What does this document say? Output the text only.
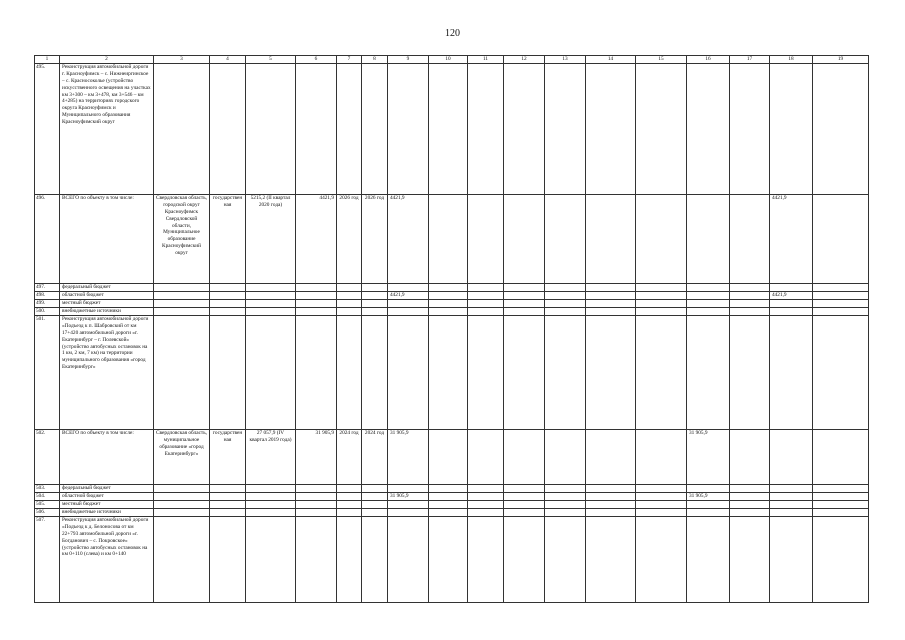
120
1	2	3	4	5	6	7	8	9	10	11	12	13	14	15	16	17	18	19
495.	Реконструкция автомобильной дороги г. Красноуфимск – с. Нижнеиргинское – с. Красносоколье (устройство искусственного освещения на участках км 3+300 – км 3+478, км 3+546 – км 4+285) на территориях городского округа Красноуфимск и Муниципального образования Красноуфимский округ																	
496.	ВСЕГО по объекту в том числе:	Свердловская область, городской округ Красноуфимск Свердловской области, Муниципальное образование Красноуфимский округ	государственная	5215,2 (II квартал 2020 года)	4421,9	2026 год	2026 год	4421,9									4421,9	
497.	федеральный бюджет																	
498.	областной бюджет							4421,9									4421,9	
499.	местный бюджет																	
500.	внебюджетные источники																	
501.	Реконструкция автомобильной дороги «Подъезд к п. Шабровский от км 17+420 автомобильной дороги «г. Екатеринбург – г. Полевской» (устройство автобусных остановок на 1 км, 2 км, 7 км) на территории муниципального образования «город Екатеринбург»																	
502.	ВСЕГО по объекту в том числе:	Свердловская область, муниципальное образование «город Екатеринбург»	государственная	27 057,9 (IV квартал 2019 года)	31 905,9	2024 год	2024 год	31 905,9							31 905,9			
503.	федеральный бюджет																	
504.	областной бюджет							31 905,9							31 905,9			
505.	местный бюджет																	
506.	внебюджетные источники																	
507.	Реконструкция автомобильной дороги «Подъезд к д. Белоносова от км 22+793 автомобильной дороги «г. Богданович – с. Покровское» (устройство автобусных остановок на км 0+110 (слева) и км 0+140																	
